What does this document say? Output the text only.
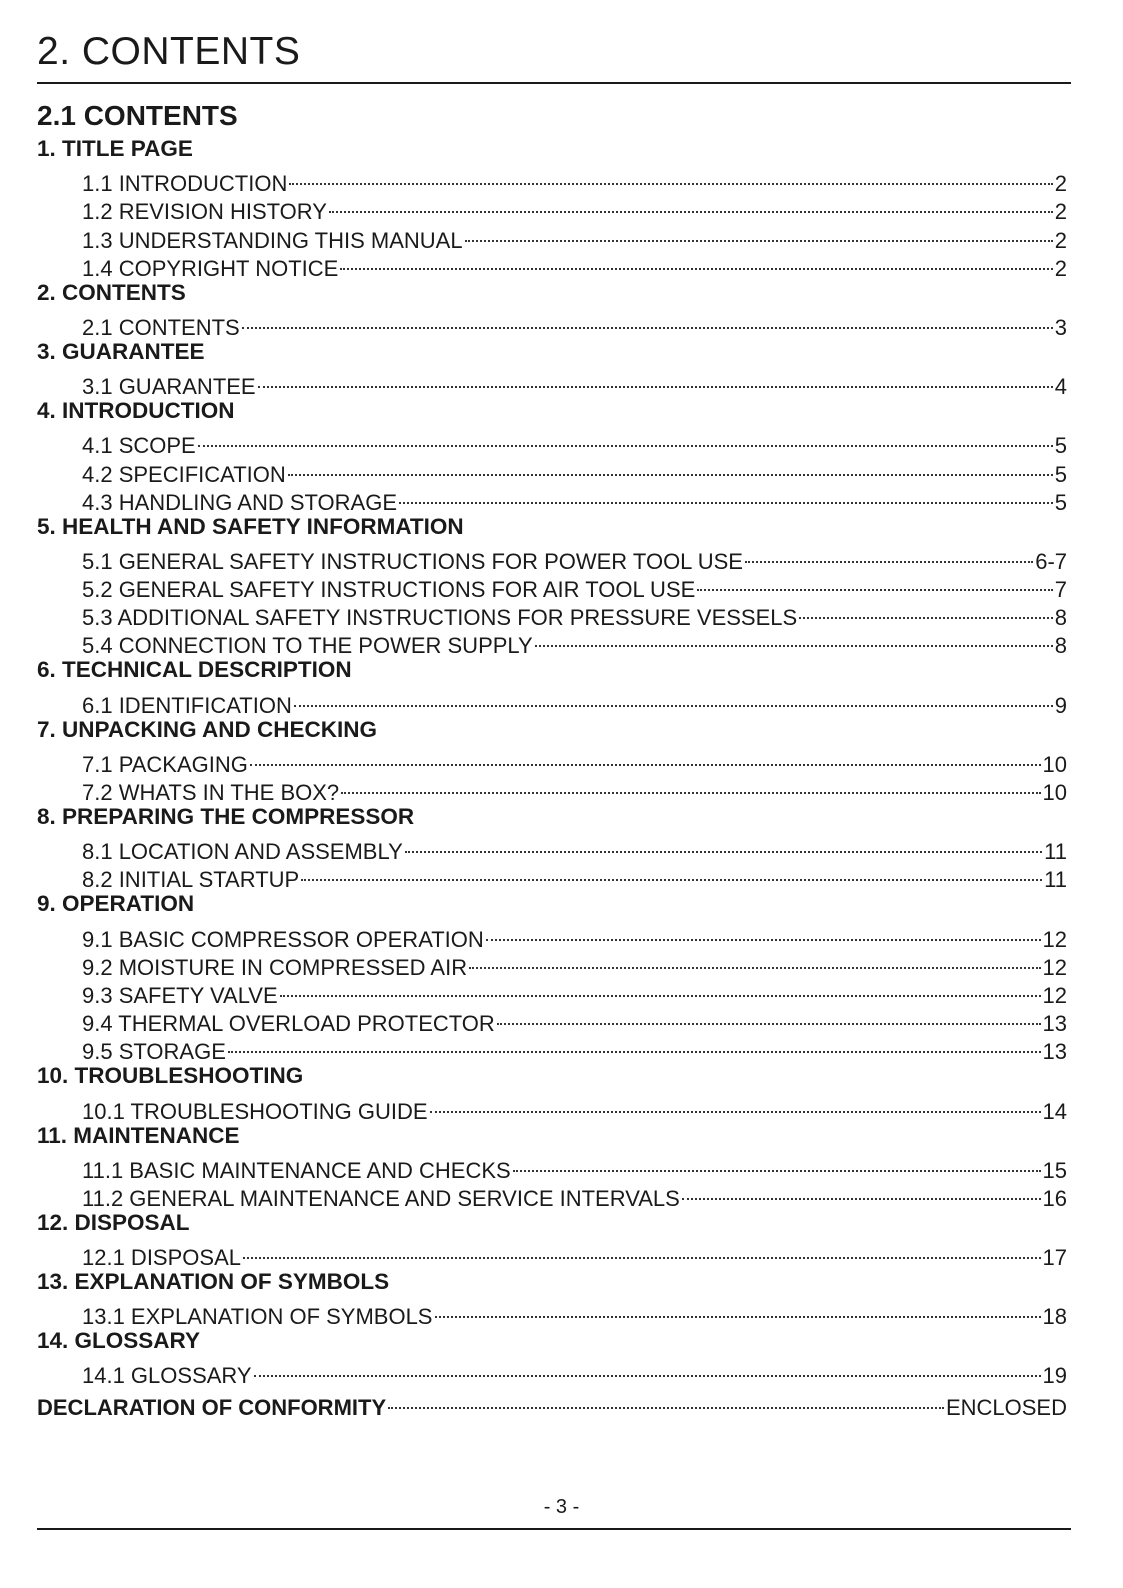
2. CONTENTS
2.1 CONTENTS
1. TITLE PAGE
1.1 INTRODUCTION	2
1.2 REVISION HISTORY	2
1.3 UNDERSTANDING THIS MANUAL	2
1.4 COPYRIGHT NOTICE	2
2. CONTENTS
2.1 CONTENTS	3
3. GUARANTEE
3.1 GUARANTEE	4
4. INTRODUCTION
4.1 SCOPE	5
4.2 SPECIFICATION	5
4.3 HANDLING AND STORAGE	5
5. HEALTH AND SAFETY INFORMATION
5.1 GENERAL SAFETY INSTRUCTIONS FOR POWER TOOL USE	6-7
5.2 GENERAL SAFETY INSTRUCTIONS FOR AIR TOOL USE	7
5.3 ADDITIONAL SAFETY INSTRUCTIONS FOR PRESSURE VESSELS	8
5.4 CONNECTION TO THE POWER SUPPLY	8
6. TECHNICAL DESCRIPTION
6.1 IDENTIFICATION	9
7. UNPACKING AND CHECKING
7.1 PACKAGING	10
7.2 WHATS IN THE BOX?	10
8. PREPARING THE COMPRESSOR
8.1 LOCATION AND ASSEMBLY	11
8.2 INITIAL STARTUP	11
9. OPERATION
9.1 BASIC COMPRESSOR OPERATION	12
9.2 MOISTURE IN COMPRESSED AIR	12
9.3 SAFETY VALVE	12
9.4 THERMAL OVERLOAD PROTECTOR	13
9.5 STORAGE	13
10. TROUBLESHOOTING
10.1 TROUBLESHOOTING GUIDE	14
11. MAINTENANCE
11.1 BASIC MAINTENANCE AND CHECKS	15
11.2 GENERAL MAINTENANCE AND SERVICE INTERVALS	16
12. DISPOSAL
12.1 DISPOSAL	17
13. EXPLANATION OF SYMBOLS
13.1 EXPLANATION OF SYMBOLS	18
14. GLOSSARY
14.1 GLOSSARY	19
DECLARATION OF CONFORMITY	ENCLOSED
- 3 -
